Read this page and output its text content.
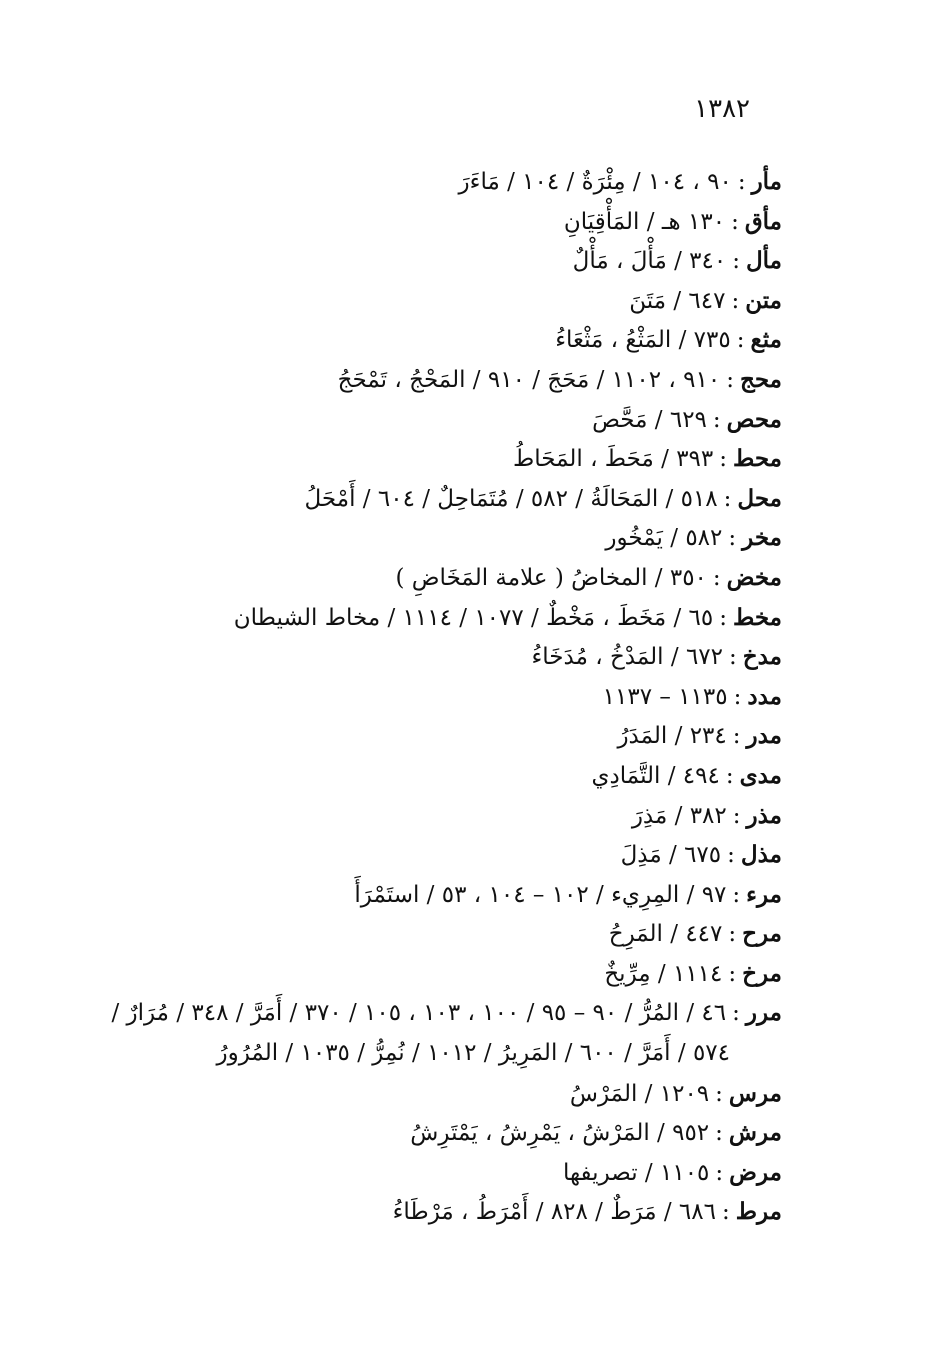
١٣٨٢
مأر:٩٠ ، ١٠٤ / مِئْرَةٌ / ١٠٤ / مَاءَرَ
مأق:١٣٠ هـ / المَأْقِيَانِ
مأل:٣٤٠ / مَأْلَ ، مَأْلٌ
متن:٦٤٧ / مَتَنَ
مثع:٧٣٥ / المَثْعُ ، مَثْعَاءُ
محج:٩١٠ ، ١١٠٢ / مَحَجَ / ٩١٠ / المَحْجُ ، تَمْحَجُ
محص:٦٢٩ / مَحَّصَ
محط:٣٩٣ / مَحَطَ ، المَحَاطُ
محل:٥١٨ / المَحَالَةُ / ٥٨٢ / مُتَمَاحِلٌ / ٦٠٤ / أَمْحَلُ
مخر:٥٨٢ / يَمْخُور
مخض:٣٥٠ / المخاضُ ( علامة المَخَاضِ )
مخط:٦٥ / مَخَطَ ، مَخْطٌ / ١٠٧٧ / ١١١٤ / مخاط الشيطان
مدخ:٦٧٢ / المَدْخُ ، مُدَخَاءُ
مدد:١١٣٥ – ١١٣٧
مدر:٢٣٤ / المَدَرُ
مدى:٤٩٤ / التَّمَادِي
مذر:٣٨٢ / مَذِرَ
مذل:٦٧٥ / مَذِلَ
مرء:٩٧ / المِرِيء / ١٠٢ – ١٠٤ ، ٥٣ / استَمْرَأَ
مرح:٤٤٧ / المَرِحُ
مرخ:١١١٤ / مِرِّيخٌ
مرر:٤٦ / المُرُّ / ٩٠ – ٩٥ / ١٠٠ ، ١٠٣ ، ١٠٥ / ٣٧٠ / أَمَرَّ / ٣٤٨ / مُرَارٌ /
٥٧٤ / أَمَرَّ / ٦٠٠ / المَرِيرُ / ١٠١٢ / نُمِرُّ / ١٠٣٥ / المُرُورُ
مرس:١٢٠٩ / المَرْسُ
مرش:٩٥٢ / المَرْشُ ، يَمْرِشُ ، يَمْتَرِشُ
مرض:١١٠٥ / تصريفها
مرط:٦٨٦ / مَرَطٌ / ٨٢٨ / أَمْرَطُ ، مَرْطَاءُ
